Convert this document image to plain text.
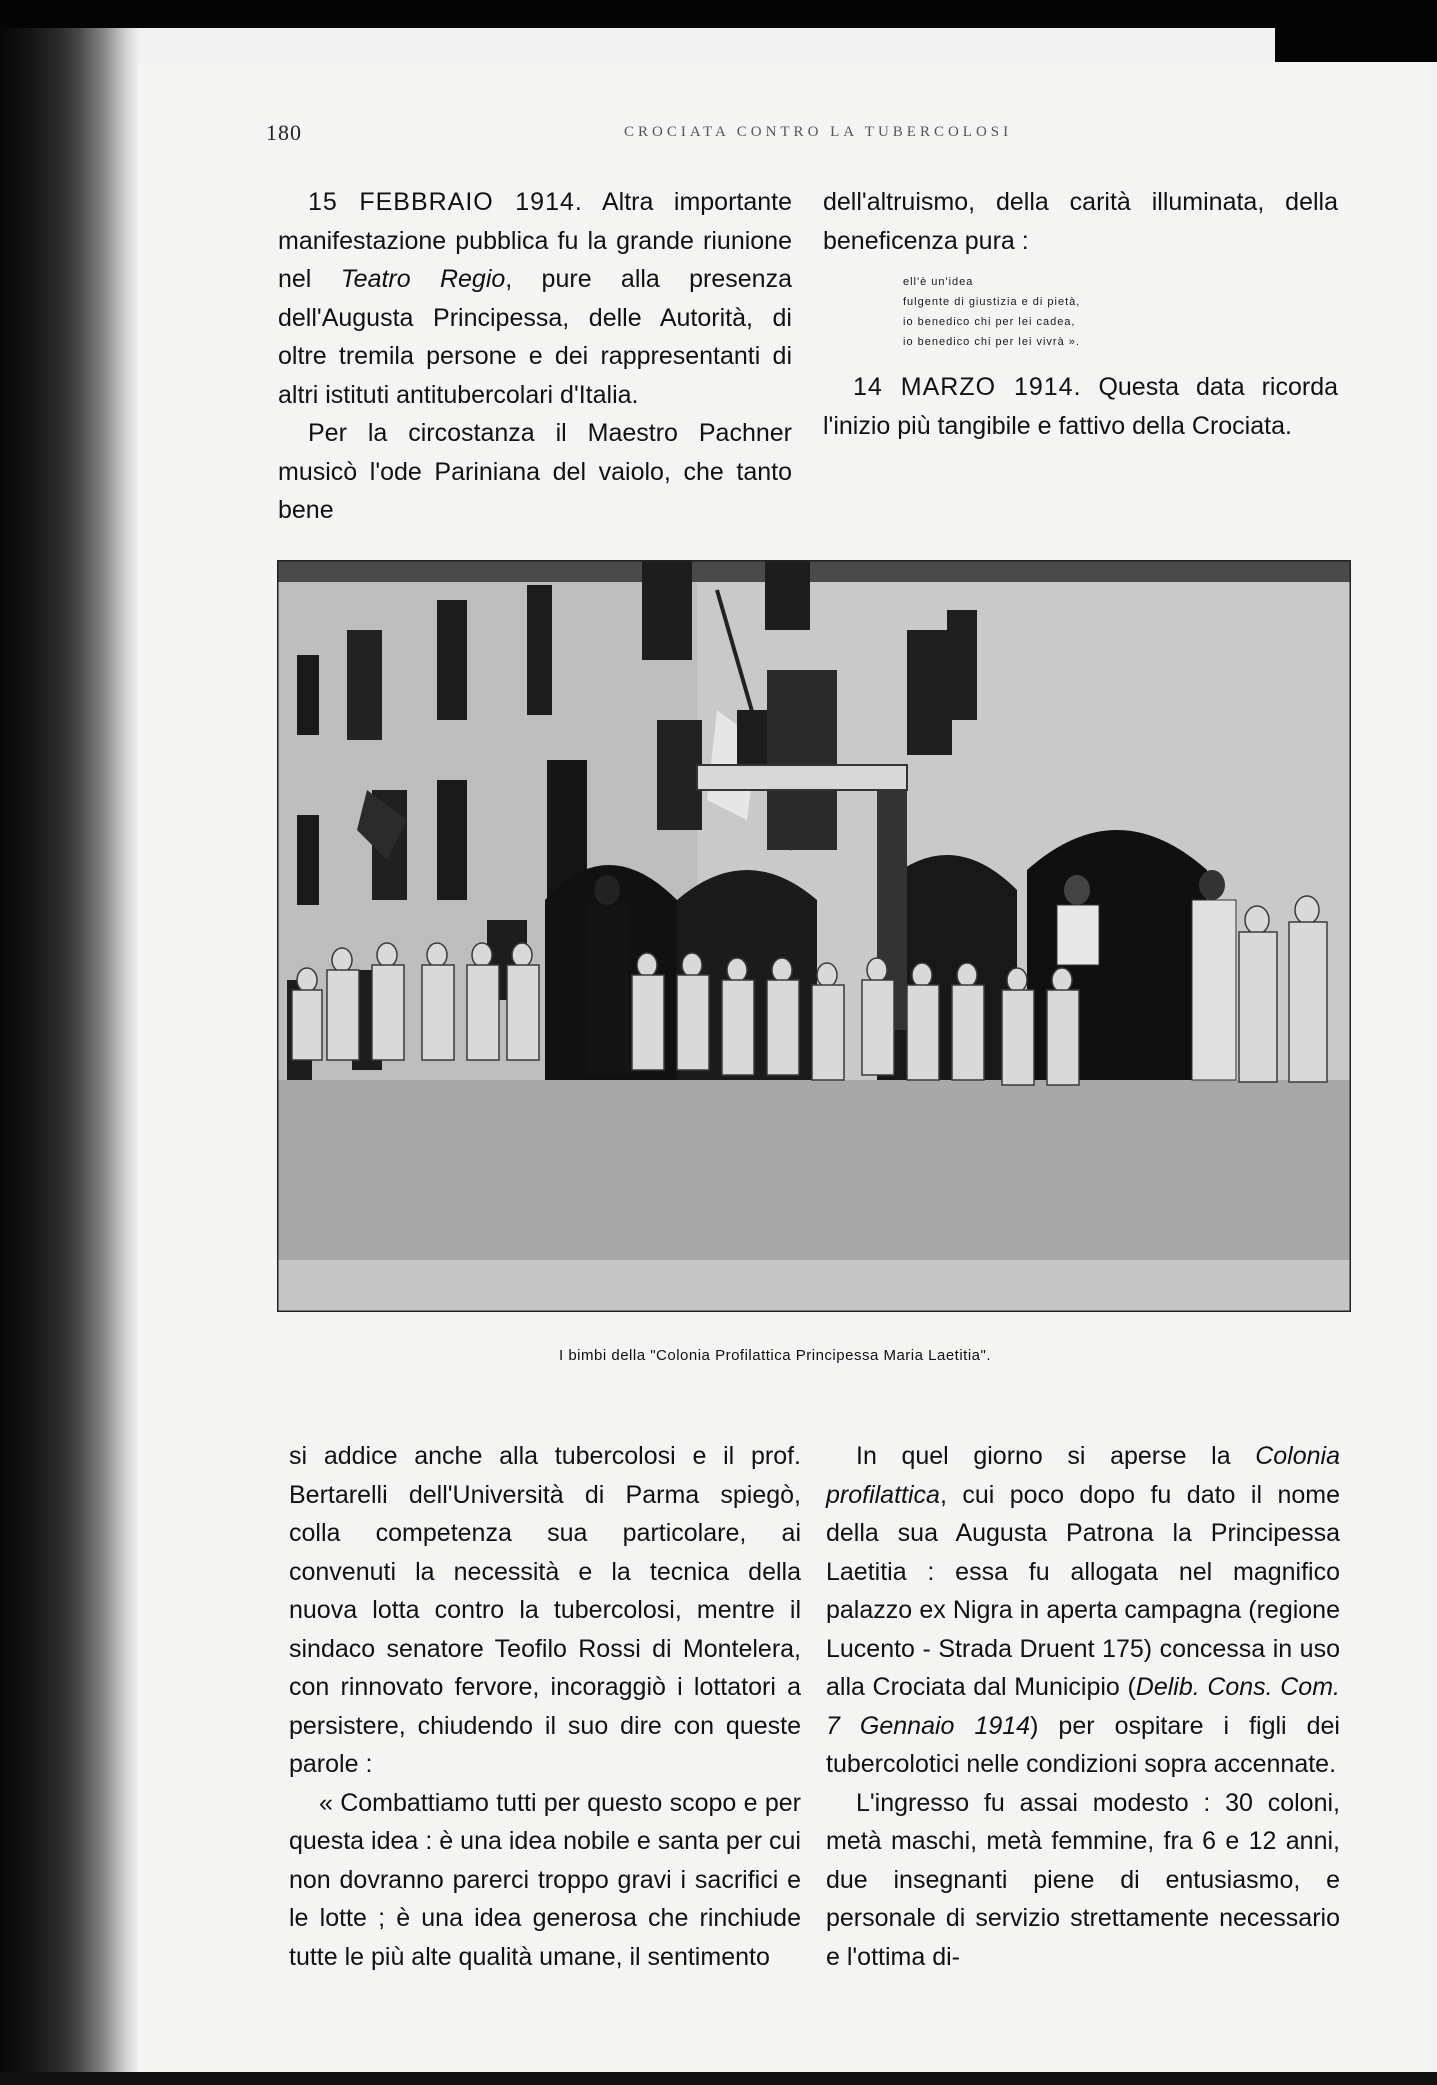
180	CROCIATA CONTRO LA TUBERCOLOSI

15 FEBBRAIO 1914. Altra importante manifestazione pubblica fu la grande riunione nel Teatro Regio, pure alla presenza dell'Augusta Principessa, delle Autorità, di oltre tremila persone e dei rappresentanti di altri istituti antitubercolari d'Italia.

Per la circostanza il Maestro Pachner musicò l'ode Pariniana del vaiolo, che tanto bene

dell'altruismo, della carità illuminata, della beneficenza pura :

ell'è un'idea
fulgente di giustizia e di pietà,
io benedico chi per lei cadea,
io benedico chi per lei vivrà ».

14 MARZO 1914. Questa data ricorda l'inizio più tangibile e fattivo della Crociata.

I bimbi della "Colonia Profilattica Principessa Maria Laetitia".

si addice anche alla tubercolosi e il prof. Bertarelli dell'Università di Parma spiegò, colla competenza sua particolare, ai convenuti la necessità e la tecnica della nuova lotta contro la tubercolosi, mentre il sindaco senatore Teofilo Rossi di Montelera, con rinnovato fervore, incoraggiò i lottatori a persistere, chiudendo il suo dire con queste parole :

« Combattiamo tutti per questo scopo e per questa idea : è una idea nobile e santa per cui non dovranno parerci troppo gravi i sacrifici e le lotte ; è una idea generosa che rinchiude tutte le più alte qualità umane, il sentimento

In quel giorno si aperse la Colonia profilattica, cui poco dopo fu dato il nome della sua Augusta Patrona la Principessa Laetitia : essa fu allogata nel magnifico palazzo ex Nigra in aperta campagna (regione Lucento - Strada Druent 175) concessa in uso alla Crociata dal Municipio (Delib. Cons. Com. 7 Gennaio 1914) per ospitare i figli dei tubercolotici nelle condizioni sopra accennate.

L'ingresso fu assai modesto : 30 coloni, metà maschi, metà femmine, fra 6 e 12 anni, due insegnanti piene di entusiasmo, e personale di servizio strettamente necessario e l'ottima di-
